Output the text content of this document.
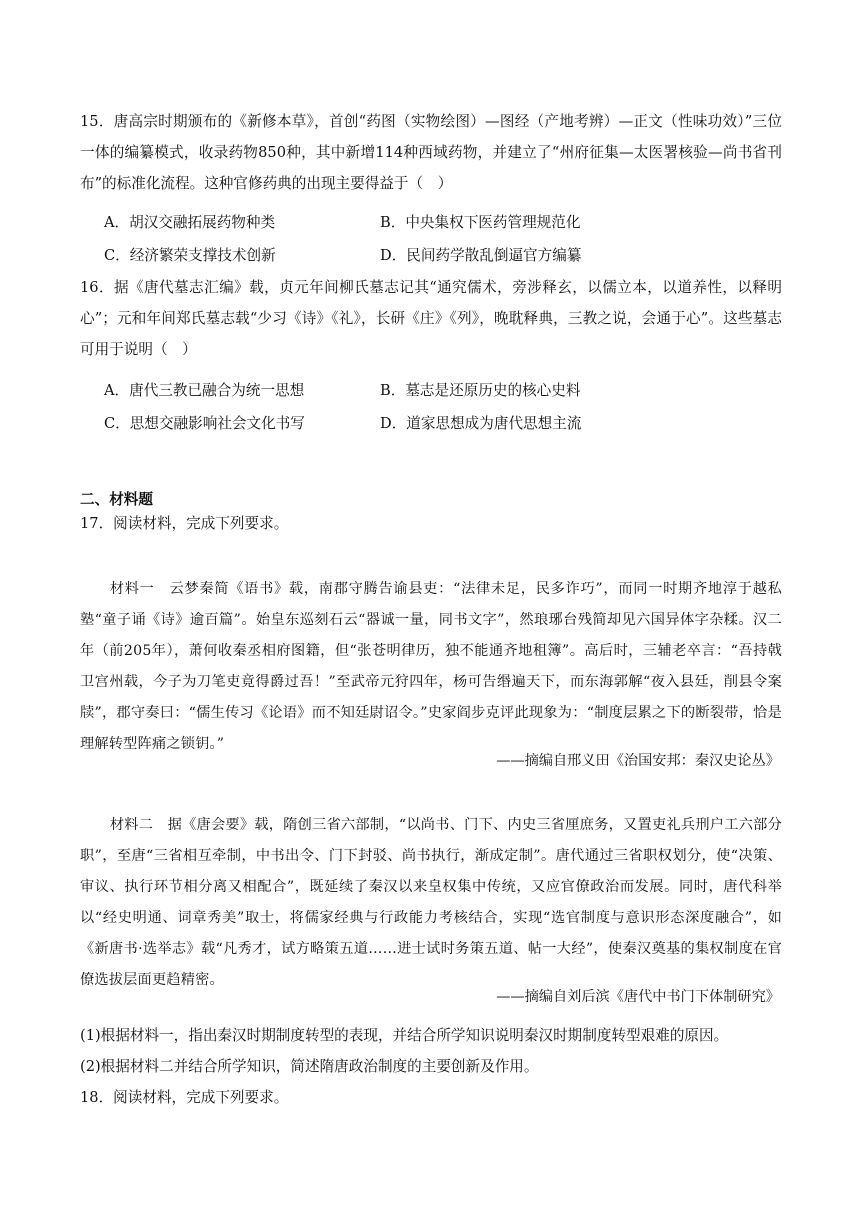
15．唐高宗时期颁布的《新修本草》，首创“药图（实物绘图）—图经（产地考辨）—正文（性味功效）”三位一体的编纂模式，收录药物850种，其中新增114种西域药物，并建立了“州府征集—太医署核验—尚书省刊布”的标准化流程。这种官修药典的出现主要得益于（　）

A．胡汉交融拓展药物种类	B．中央集权下医药管理规范化
C．经济繁荣支撑技术创新	D．民间药学散乱倒逼官方编纂

16．据《唐代墓志汇编》载，贞元年间柳氏墓志记其“通究儒术，旁涉释玄，以儒立本，以道养性，以释明心”；元和年间郑氏墓志载“少习《诗》《礼》，长研《庄》《列》，晚耽释典，三教之说，会通于心”。这些墓志可用于说明（　）

A．唐代三教已融合为统一思想	B．墓志是还原历史的核心史料
C．思想交融影响社会文化书写	D．道家思想成为唐代思想主流
二、材料题
17．阅读材料，完成下列要求。

材料一　云梦秦简《语书》载，南郡守腾告谕县吏：“法律未足，民多诈巧”，而同一时期齐地淳于越私塾“童子诵《诗》逾百篇”。始皇东巡刻石云“器诚一量，同书文字”，然琅琊台残简却见六国异体字杂糅。汉二年（前205年），萧何收秦丞相府图籍，但“张苍明律历，独不能通齐地租簿”。高后时，三辅老卒言：“吾持戟卫宫州载，今子为刀笔吏竟得爵过吾！”至武帝元狩四年，杨可告缗遍天下，而东海郭解“夜入县廷，削县令案牍”，郡守奏曰：“儒生传习《论语》而不知廷尉诏令。”史家阎步克评此现象为：“制度层累之下的断裂带，恰是理解转型阵痛之锁钥。”

——摘编自邢义田《治国安邦：秦汉史论丛》

材料二　据《唐会要》载，隋创三省六部制，“以尚书、门下、内史三省厘庶务，又置吏礼兵刑户工六部分职”，至唐“三省相互牵制，中书出令、门下封驳、尚书执行，渐成定制”。唐代通过三省职权划分，使“决策、审议、执行环节相分离又相配合”，既延续了秦汉以来皇权集中传统，又应官僚政治而发展。同时，唐代科举以“经史明通、词章秀美”取士，将儒家经典与行政能力考核结合，实现“选官制度与意识形态深度融合”，如《新唐书·选举志》载“凡秀才，试方略策五道……进士试时务策五道、帖一大经”，使秦汉奠基的集权制度在官僚选拔层面更趋精密。

——摘编自刘后滨《唐代中书门下体制研究》
(1)根据材料一，指出秦汉时期制度转型的表现，并结合所学知识说明秦汉时期制度转型艰难的原因。
(2)根据材料二并结合所学知识，简述隋唐政治制度的主要创新及作用。
18．阅读材料，完成下列要求。
